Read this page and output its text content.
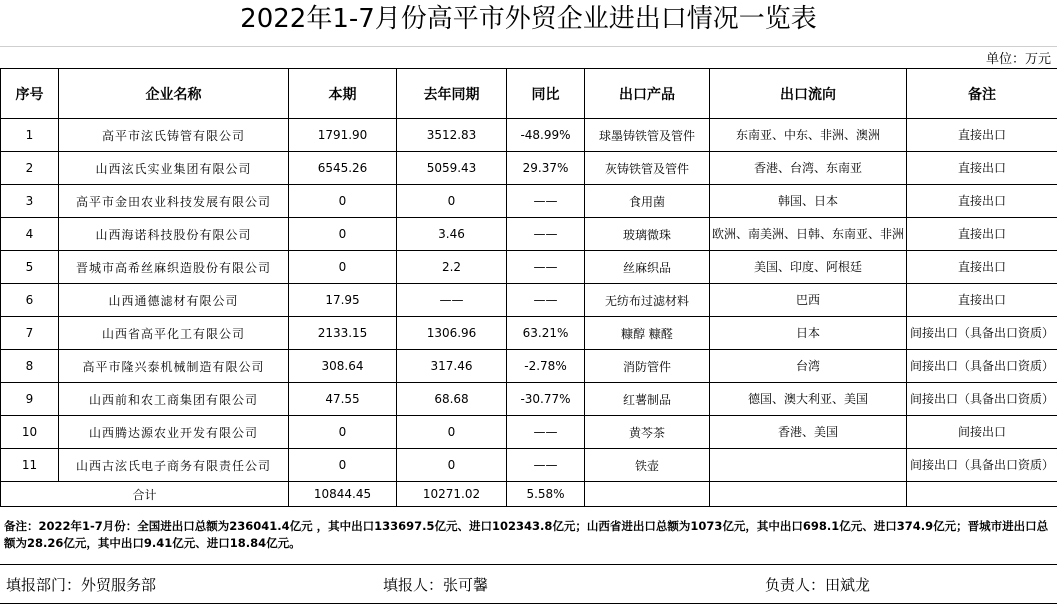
2022年1-7月份高平市外贸企业进出口情况一览表
单位：万元
序号	企业名称	本期	去年同期	同比	出口产品	出口流向	备注
1	高平市泫氏铸管有限公司	1791.90	3512.83	-48.99%	球墨铸铁管及管件	东南亚、中东、非洲、澳洲	直接出口
2	山西泫氏实业集团有限公司	6545.26	5059.43	29.37%	灰铸铁管及管件	香港、台湾、东南亚	直接出口
3	高平市金田农业科技发展有限公司	0	0	——	食用菌	韩国、日本	直接出口
4	山西海诺科技股份有限公司	0	3.46	——	玻璃微珠	欧洲、南美洲、日韩、东南亚、非洲	直接出口
5	晋城市高希丝麻织造股份有限公司	0	2.2	——	丝麻织品	美国、印度、阿根廷	直接出口
6	山西通德滤材有限公司	17.95	——	——	无纺布过滤材料	巴西	直接出口
7	山西省高平化工有限公司	2133.15	1306.96	63.21%	糠醇 糠醛	日本	间接出口（具备出口资质）
8	高平市隆兴泰机械制造有限公司	308.64	317.46	-2.78%	消防管件	台湾	间接出口（具备出口资质）
9	山西前和农工商集团有限公司	47.55	68.68	-30.77%	红薯制品	德国、澳大利亚、美国	间接出口（具备出口资质）
10	山西腾达源农业开发有限公司	0	0	——	黄芩茶	香港、美国	间接出口
11	山西古泫氏电子商务有限责任公司	0	0	——	铁壶		间接出口（具备出口资质）
合计		10844.45	10271.02	5.58%			
备注：2022年1-7月份：全国进出口总额为236041.4亿元 ，其中出口133697.5亿元、进口102343.8亿元；山西省进出口总额为1073亿元，其中出口698.1亿元、进口374.9亿元；晋城市进出口总额为28.26亿元，其中出口9.41亿元、进口18.84亿元。
填报部门：外贸服务部	填报人：张可馨	负责人：田斌龙
